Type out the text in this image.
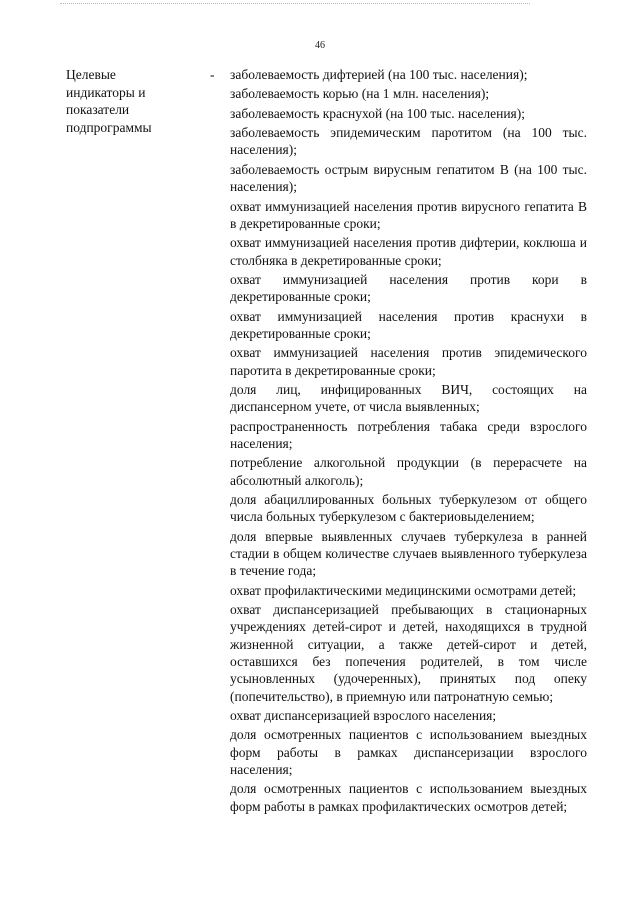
46
Целевые индикаторы и показатели подпрограммы
- заболеваемость дифтерией (на 100 тыс. населения);
заболеваемость корью (на 1 млн. населения);
заболеваемость краснухой (на 100 тыс. населения);
заболеваемость эпидемическим паротитом (на 100 тыс. населения);
заболеваемость острым вирусным гепатитом В (на 100 тыс. населения);
охват иммунизацией населения против вирусного гепатита В в декретированные сроки;
охват иммунизацией населения против дифтерии, коклюша и столбняка в декретированные сроки;
охват иммунизацией населения против кори в декретированные сроки;
охват иммунизацией населения против краснухи в декретированные сроки;
охват иммунизацией населения против эпидемического паротита в декретированные сроки;
доля лиц, инфицированных ВИЧ, состоящих на диспансерном учете, от числа выявленных;
распространенность потребления табака среди взрослого населения;
потребление алкогольной продукции (в перерасчете на абсолютный алкоголь);
доля абациллированных больных туберкулезом от общего числа больных туберкулезом с бактериовыделением;
доля впервые выявленных случаев туберкулеза в ранней стадии в общем количестве случаев выявленного туберкулеза в течение года;
охват профилактическими медицинскими осмотрами детей;
охват диспансеризацией пребывающих в стационарных учреждениях детей-сирот и детей, находящихся в трудной жизненной ситуации, а также детей-сирот и детей, оставшихся без попечения родителей, в том числе усыновленных (удочеренных), принятых под опеку (попечительство), в приемную или патронатную семью;
охват диспансеризацией взрослого населения;
доля осмотренных пациентов с использованием выездных форм работы в рамках диспансеризации взрослого населения;
доля осмотренных пациентов с использованием выездных форм работы в рамках профилактических осмотров детей;
